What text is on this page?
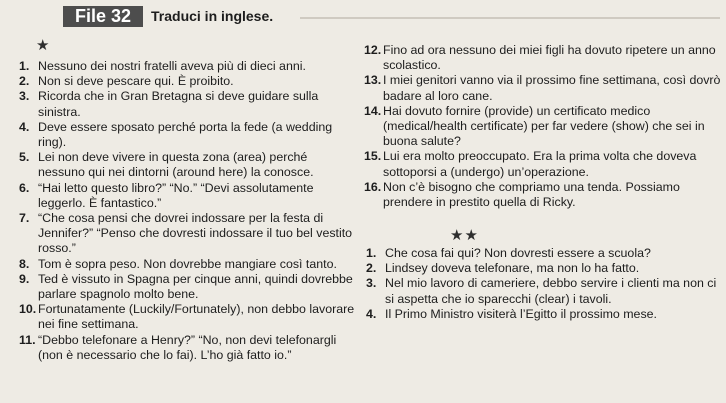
File 32	Traduci in inglese.
★
★★
1. Nessuno dei nostri fratelli aveva più di dieci anni.
2. Non si deve pescare qui. È proibito.
3. Ricorda che in Gran Bretagna si deve guidare sulla sinistra.
4. Deve essere sposato perché porta la fede (a wedding ring).
5. Lei non deve vivere in questa zona (area) perché nessuno qui nei dintorni (around here) la conosce.
6. “Hai letto questo libro?” “No.” “Devi assolutamente leggerlo. È fantastico.”
7. “Che cosa pensi che dovrei indossare per la festa di Jennifer?” “Penso che dovresti indossare il tuo bel vestito rosso.”
8. Tom è sopra peso. Non dovrebbe mangiare così tanto.
9. Ted è vissuto in Spagna per cinque anni, quindi dovrebbe parlare spagnolo molto bene.
10. Fortunatamente (Luckily/Fortunately), non debbo lavorare nei fine settimana.
11. “Debbo telefonare a Henry?” “No, non devi telefonargli (non è necessario che lo fai). L’ho già fatto io.”
12. Fino ad ora nessuno dei miei figli ha dovuto ripetere un anno scolastico.
13. I miei genitori vanno via il prossimo fine settimana, così dovrò badare al loro cane.
14. Hai dovuto fornire (provide) un certificato medico (medical/health certificate) per far vedere (show) che sei in buona salute?
15. Lui era molto preoccupato. Era la prima volta che doveva sottoporsi a (undergo) un’operazione.
16. Non c’è bisogno che compriamo una tenda. Possiamo prendere in prestito quella di Ricky.
1. Che cosa fai qui? Non dovresti essere a scuola?
2. Lindsey doveva telefonare, ma non lo ha fatto.
3. Nel mio lavoro di cameriere, debbo servire i clienti ma non ci si aspetta che io sparecchi (clear) i tavoli.
4. Il Primo Ministro visiterà l’Egitto il prossimo mese.
